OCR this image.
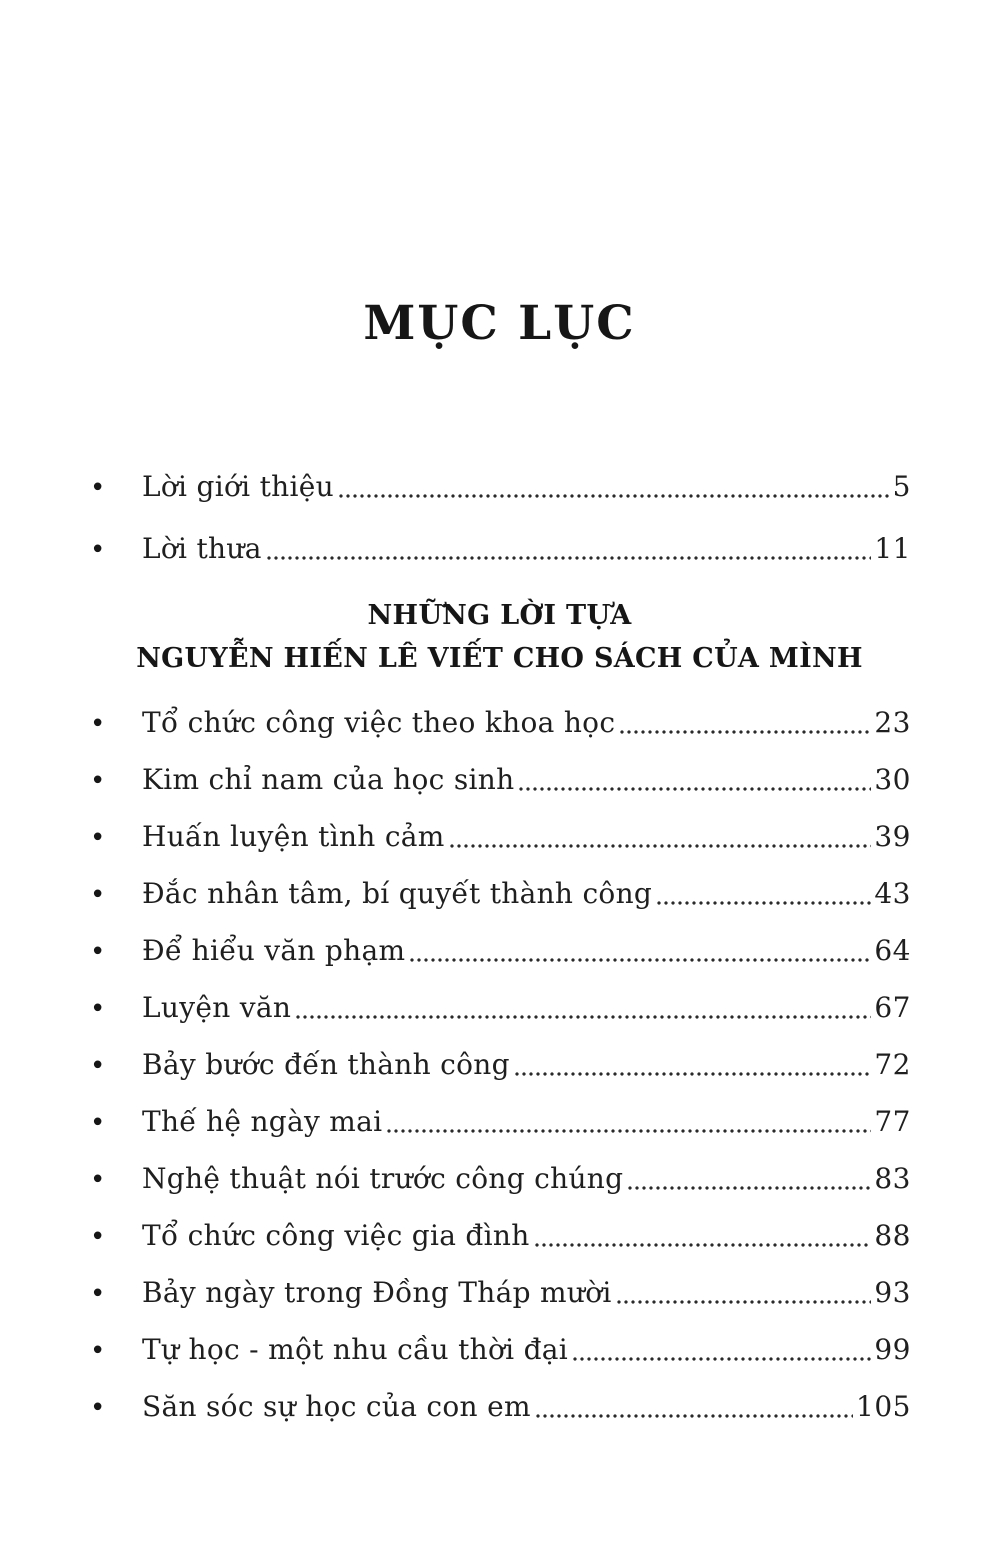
MỤC LỤC
•	Lời giới thiệu	5
•	Lời thưa	11
NHỮNG LỜI TỰA
NGUYỄN HIẾN LÊ VIẾT CHO SÁCH CỦA MÌNH
•	Tổ chức công việc theo khoa học	23
•	Kim chỉ nam của học sinh	30
•	Huấn luyện tình cảm	39
•	Đắc nhân tâm, bí quyết thành công	43
•	Để hiểu văn phạm	64
•	Luyện văn	67
•	Bảy bước đến thành công	72
•	Thế hệ ngày mai	77
•	Nghệ thuật nói trước công chúng	83
•	Tổ chức công việc gia đình	88
•	Bảy ngày trong Đồng Tháp mười	93
•	Tự học - một nhu cầu thời đại	99
•	Săn sóc sự học của con em	105
